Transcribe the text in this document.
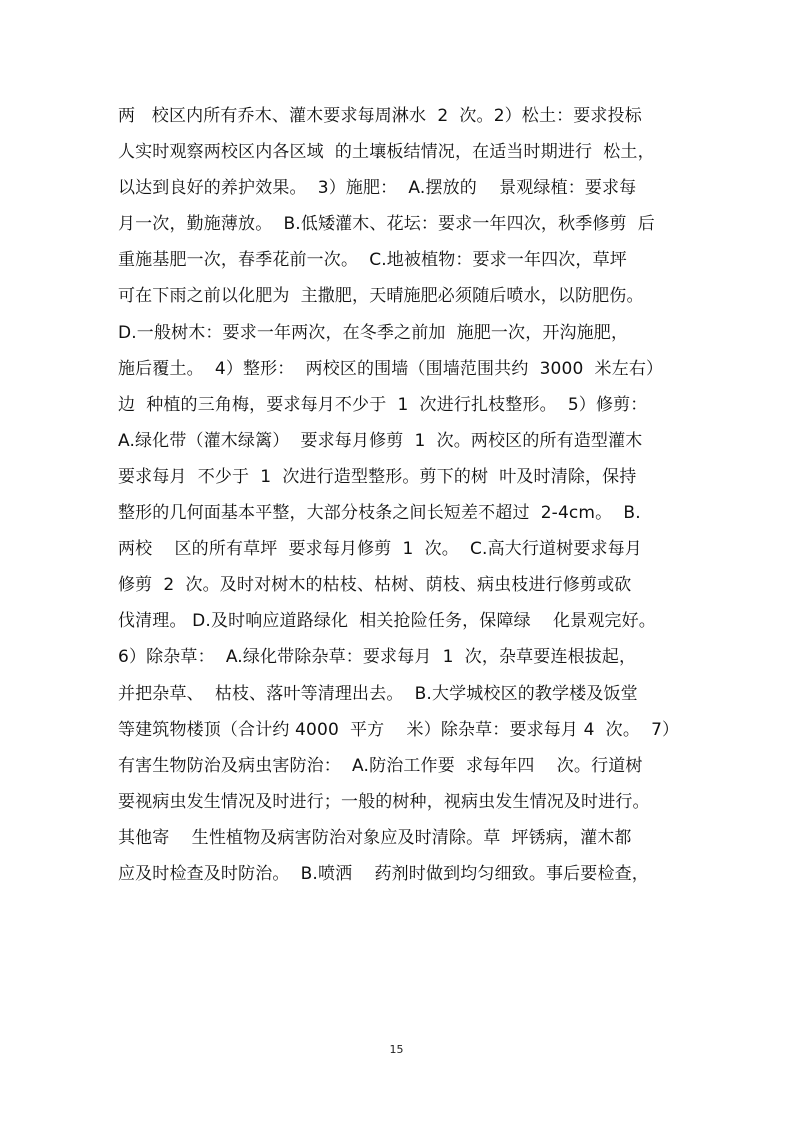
两   校区内所有乔木、灌木要求每周淋水  2  次。2）松土：要求投标
人实时观察两校区内各区域  的土壤板结情况，在适当时期进行  松土，
以达到良好的养护效果。  3）施肥：  A.摆放的    景观绿植：要求每
月一次，勤施薄放。  B.低矮灌木、花坛：要求一年四次，秋季修剪  后
重施基肥一次，春季花前一次。  C.地被植物：要求一年四次，草坪
可在下雨之前以化肥为  主撒肥，天晴施肥必须随后喷水，以防肥伤。
D.一般树木：要求一年两次，在冬季之前加  施肥一次，开沟施肥，
施后覆土。  4）整形：  两校区的围墙（围墙范围共约  3000  米左右）
边  种植的三角梅，要求每月不少于  1  次进行扎枝整形。  5）修剪：
A.绿化带（灌木绿篱）  要求每月修剪  1  次。两校区的所有造型灌木
要求每月  不少于  1  次进行造型整形。剪下的树  叶及时清除，保持
整形的几何面基本平整，大部分枝条之间长短差不超过  2-4cm。  B.
两校    区的所有草坪  要求每月修剪  1  次。  C.高大行道树要求每月
修剪  2  次。及时对树木的枯枝、枯树、荫枝、病虫枝进行修剪或砍
伐清理。 D.及时响应道路绿化  相关抢险任务，保障绿    化景观完好。
6）除杂草：  A.绿化带除杂草：要求每月  1  次，杂草要连根拔起，
并把杂草、  枯枝、落叶等清理出去。  B.大学城校区的教学楼及饭堂
等建筑物楼顶（合计约 4000  平方    米）除杂草：要求每月 4  次。  7）
有害生物防治及病虫害防治：  A.防治工作要  求每年四    次。行道树
要视病虫发生情况及时进行；一般的树种，视病虫发生情况及时进行。
其他寄    生性植物及病害防治对象应及时清除。草  坪锈病，灌木都
应及时检查及时防治。  B.喷洒    药剂时做到均匀细致。事后要检查，
15
